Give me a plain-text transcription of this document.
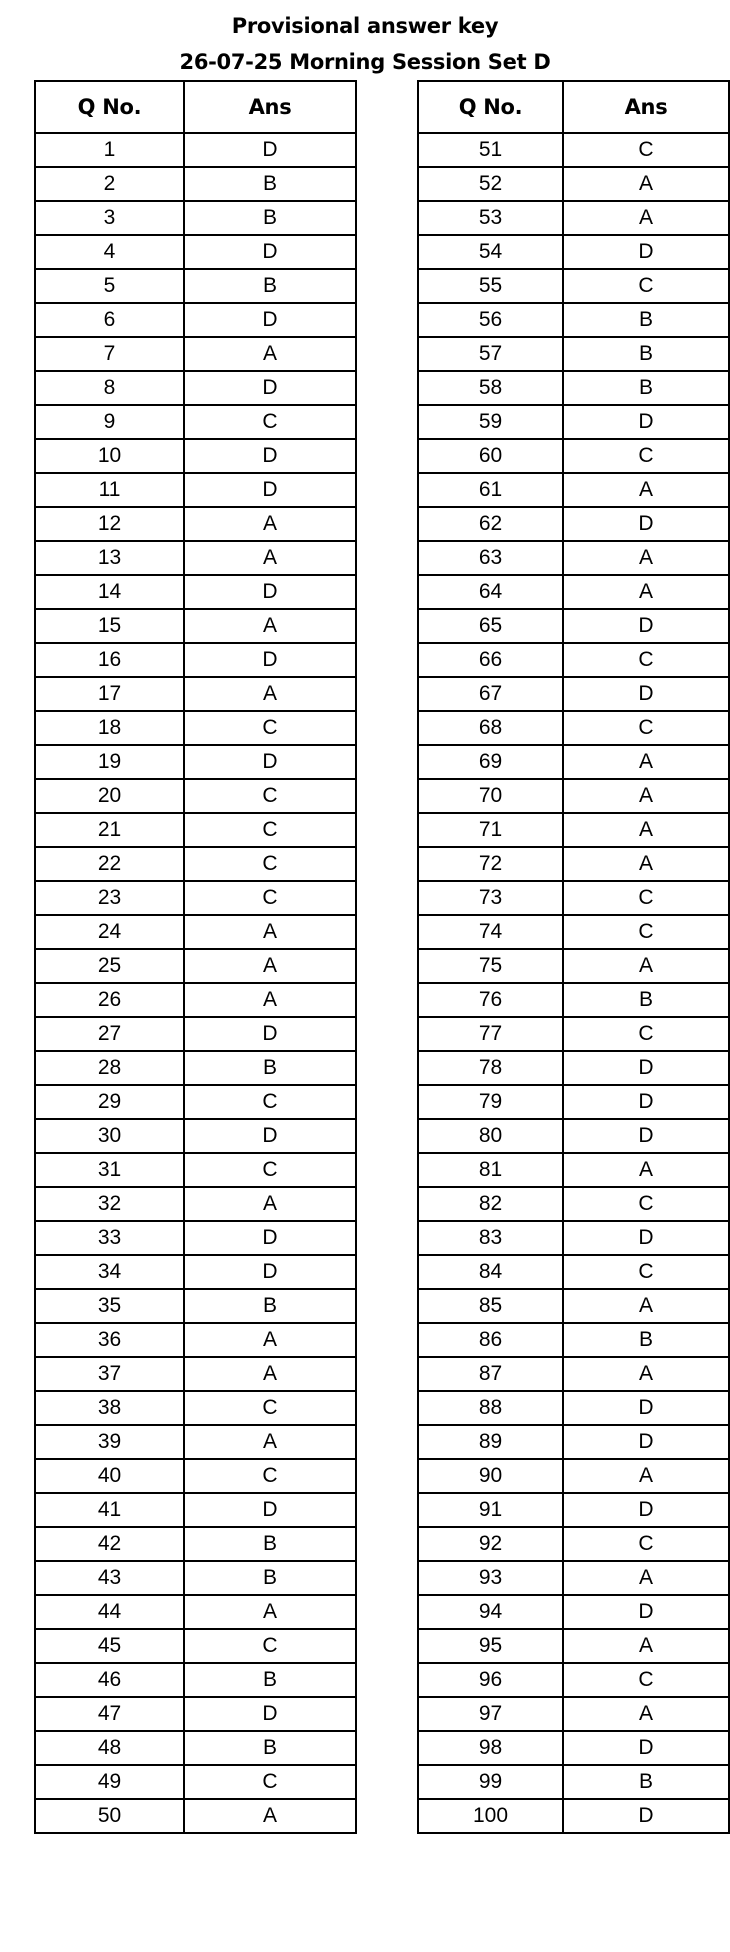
Provisional answer key
26-07-25 Morning Session Set D
Q No.	Ans
1	D
2	B
3	B
4	D
5	B
6	D
7	A
8	D
9	C
10	D
11	D
12	A
13	A
14	D
15	A
16	D
17	A
18	C
19	D
20	C
21	C
22	C
23	C
24	A
25	A
26	A
27	D
28	B
29	C
30	D
31	C
32	A
33	D
34	D
35	B
36	A
37	A
38	C
39	A
40	C
41	D
42	B
43	B
44	A
45	C
46	B
47	D
48	B
49	C
50	A
Q No.	Ans
51	C
52	A
53	A
54	D
55	C
56	B
57	B
58	B
59	D
60	C
61	A
62	D
63	A
64	A
65	D
66	C
67	D
68	C
69	A
70	A
71	A
72	A
73	C
74	C
75	A
76	B
77	C
78	D
79	D
80	D
81	A
82	C
83	D
84	C
85	A
86	B
87	A
88	D
89	D
90	A
91	D
92	C
93	A
94	D
95	A
96	C
97	A
98	D
99	B
100	D
